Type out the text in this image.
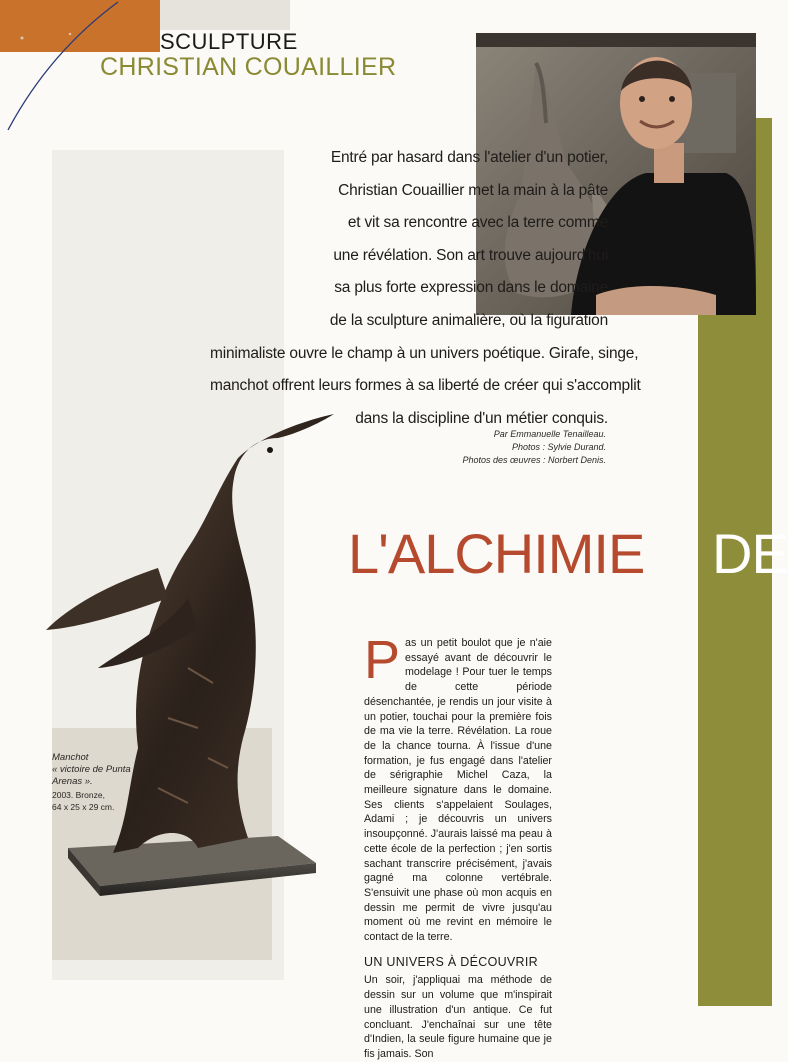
SCULPTURE
CHRISTIAN COUAILLIER
Entré par hasard dans l'atelier d'un potier,
Christian Couaillier met la main à la pâte
et vit sa rencontre avec la terre comme
une révélation. Son art trouve aujourd'hui
sa plus forte expression dans le domaine
de la sculpture animalière, où la figuration
minimaliste ouvre le champ à un univers poétique. Girafe, singe,
manchot offrent leurs formes à sa liberté de créer qui s'accomplit
dans la discipline d'un métier conquis.
Par Emmanuelle Tenailleau.
Photos : Sylvie Durand.
Photos des œuvres : Norbert Denis.
L'ALCHIMIE DE
Manchot
« victoire de Punta Arenas ».
2003. Bronze,
64 x 25 x 29 cm.
P as un petit boulot que je n'aie essayé avant de découvrir le modelage ! Pour tuer le temps de cette période désenchantée, je rendis un jour visite à un potier, touchai pour la première fois de ma vie la terre. Révélation. La roue de la chance tourna. À l'issue d'une formation, je fus engagé dans l'atelier de sérigraphie Michel Caza, la meilleure signature dans le domaine. Ses clients s'appelaient Soulages, Adami ; je découvris un univers insoupçonné. J'aurais laissé ma peau à cette école de la perfection ; j'en sortis sachant transcrire précisément, j'avais gagné ma colonne vertébrale. S'ensuivit une phase où mon acquis en dessin me permit de vivre jusqu'au moment où me revint en mémoire le contact de la terre.

UN UNIVERS À DÉCOUVRIR

Un soir, j'appliquai ma méthode de dessin sur un volume que m'inspirait une illustration d'un antique. Ce fut concluant. J'enchaînai sur une tête d'Indien, la seule figure humaine que je fis jamais. Son
